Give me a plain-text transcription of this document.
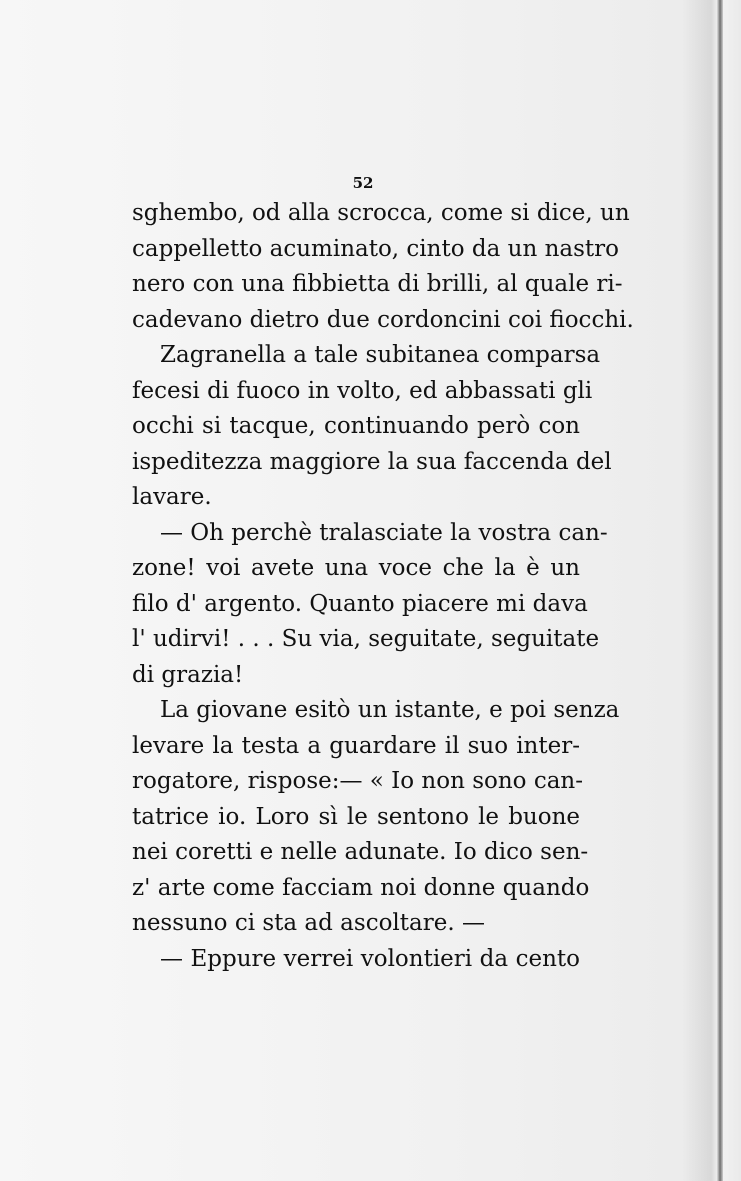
52
sghembo, od alla scrocca, come si dice, un
cappelletto acuminato, cinto da un nastro
nero con una fibbietta di brilli, al quale ri-
cadevano dietro due cordoncini coi fiocchi.
Zagranella a tale subitanea comparsa
fecesi di fuoco in volto, ed abbassati gli
occhi si tacque, continuando però con
ispeditezza maggiore la sua faccenda del
lavare.
— Oh perchè tralasciate la vostra can-
zone! voi avete una voce che la è un
filo d' argento. Quanto piacere mi dava
l' udirvi! . . . Su via, seguitate, seguitate
di grazia!
La giovane esitò un istante, e poi senza
levare la testa a guardare il suo inter-
rogatore, rispose:— « Io non sono can-
tatrice io. Loro sì le sentono le buone
nei coretti e nelle adunate. Io dico sen-
z' arte come facciam noi donne quando
nessuno ci sta ad ascoltare. —
— Eppure verrei volontieri da cento
